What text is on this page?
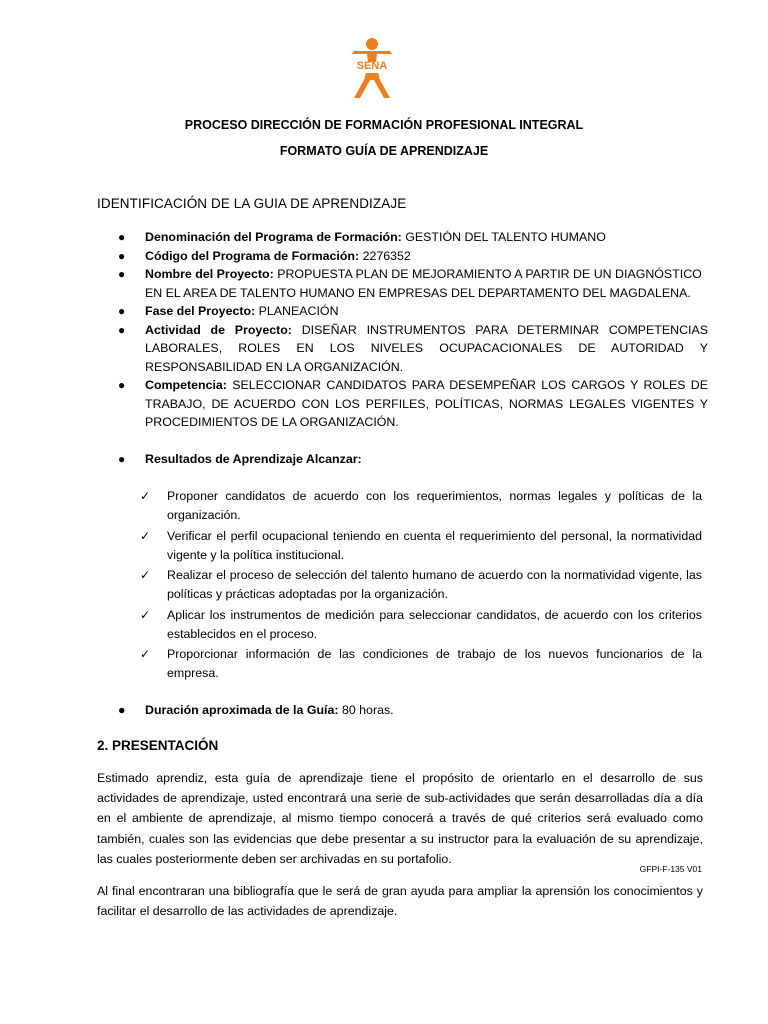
SENA
PROCESO DIRECCIÓN DE FORMACIÓN PROFESIONAL INTEGRAL
FORMATO GUÍA DE APRENDIZAJE
IDENTIFICACIÓN DE LA GUIA DE APRENDIZAJE
● Denominación del Programa de Formación: GESTIÓN DEL TALENTO HUMANO
● Código del Programa de Formación: 2276352
● Nombre del Proyecto: PROPUESTA PLAN DE MEJORAMIENTO A PARTIR DE UN DIAGNÓSTICO EN EL AREA DE TALENTO HUMANO EN EMPRESAS DEL DEPARTAMENTO DEL MAGDALENA.
● Fase del Proyecto: PLANEACIÓN
● Actividad de Proyecto: DISEÑAR INSTRUMENTOS PARA DETERMINAR COMPETENCIAS LABORALES, ROLES EN LOS NIVELES OCUPACACIONALES DE AUTORIDAD Y RESPONSABILIDAD EN LA ORGANIZACIÓN.
● Competencia: SELECCIONAR CANDIDATOS PARA DESEMPEÑAR LOS CARGOS Y ROLES DE TRABAJO, DE ACUERDO CON LOS PERFILES, POLÍTICAS, NORMAS LEGALES VIGENTES Y PROCEDIMIENTOS DE LA ORGANIZACIÓN.
● Resultados de Aprendizaje Alcanzar:
✓ Proponer candidatos de acuerdo con los requerimientos, normas legales y políticas de la organización.
✓ Verificar el perfil ocupacional teniendo en cuenta el requerimiento del personal, la normatividad vigente y la política institucional.
✓ Realizar el proceso de selección del talento humano de acuerdo con la normatividad vigente, las políticas y prácticas adoptadas por la organización.
✓ Aplicar los instrumentos de medición para seleccionar candidatos, de acuerdo con los criterios establecidos en el proceso.
✓ Proporcionar información de las condiciones de trabajo de los nuevos funcionarios de la empresa.
● Duración aproximada de la Guía: 80 horas.
2. PRESENTACIÓN

Estimado aprendiz, esta guía de aprendizaje tiene el propósito de orientarlo en el desarrollo de sus actividades de aprendizaje, usted encontrará una serie de sub-actividades que serán desarrolladas día a día en el ambiente de aprendizaje, al mismo tiempo conocerá a través de qué criterios será evaluado como también, cuales son las evidencias que debe presentar a su instructor para la evaluación de su aprendizaje, las cuales posteriormente deben ser archivadas en su portafolio.

GFPI-F-135 V01

Al final encontraran una bibliografía que le será de gran ayuda para ampliar la aprensión los conocimientos y facilitar el desarrollo de las actividades de aprendizaje.
